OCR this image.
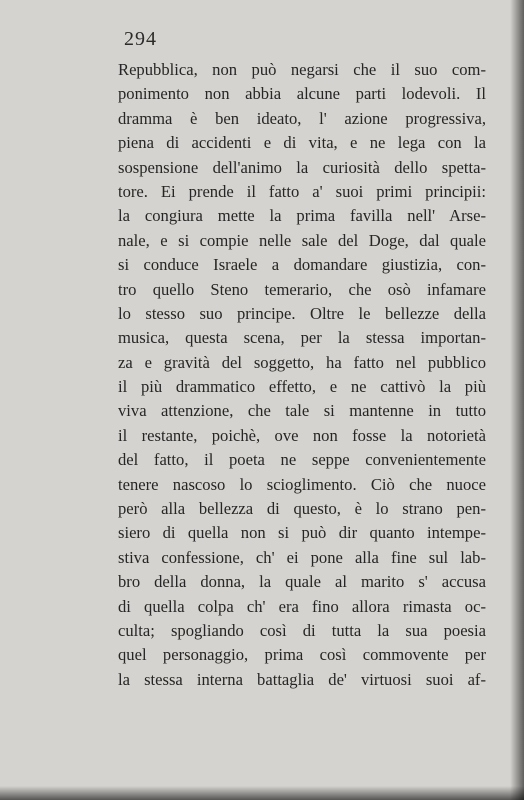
294
Repubblica, non può negarsi che il suo com-
ponimento non abbia alcune parti lodevoli. Il
dramma è ben ideato, l' azione progressiva,
piena di accidenti e di vita, e ne lega con la
sospensione dell'animo la curiosità dello spetta-
tore. Ei prende il fatto a' suoi primi principii:
la congiura mette la prima favilla nell' Arse-
nale, e si compie nelle sale del Doge, dal quale
si conduce Israele a domandare giustizia, con-
tro quello Steno temerario, che osò infamare
lo stesso suo principe. Oltre le bellezze della
musica, questa scena, per la stessa importan-
za e gravità del soggetto, ha fatto nel pubblico
il più drammatico effetto, e ne cattivò la più
viva attenzione, che tale si mantenne in tutto
il restante, poichè, ove non fosse la notorietà
del fatto, il poeta ne seppe convenientemente
tenere nascoso lo scioglimento. Ciò che nuoce
però alla bellezza di questo, è lo strano pen-
siero di quella non si può dir quanto intempe-
stiva confessione, ch' ei pone alla fine sul lab-
bro della donna, la quale al marito s' accusa
di quella colpa ch' era fino allora rimasta oc-
culta; spogliando così di tutta la sua poesia
quel personaggio, prima così commovente per
la stessa interna battaglia de' virtuosi suoi af-
